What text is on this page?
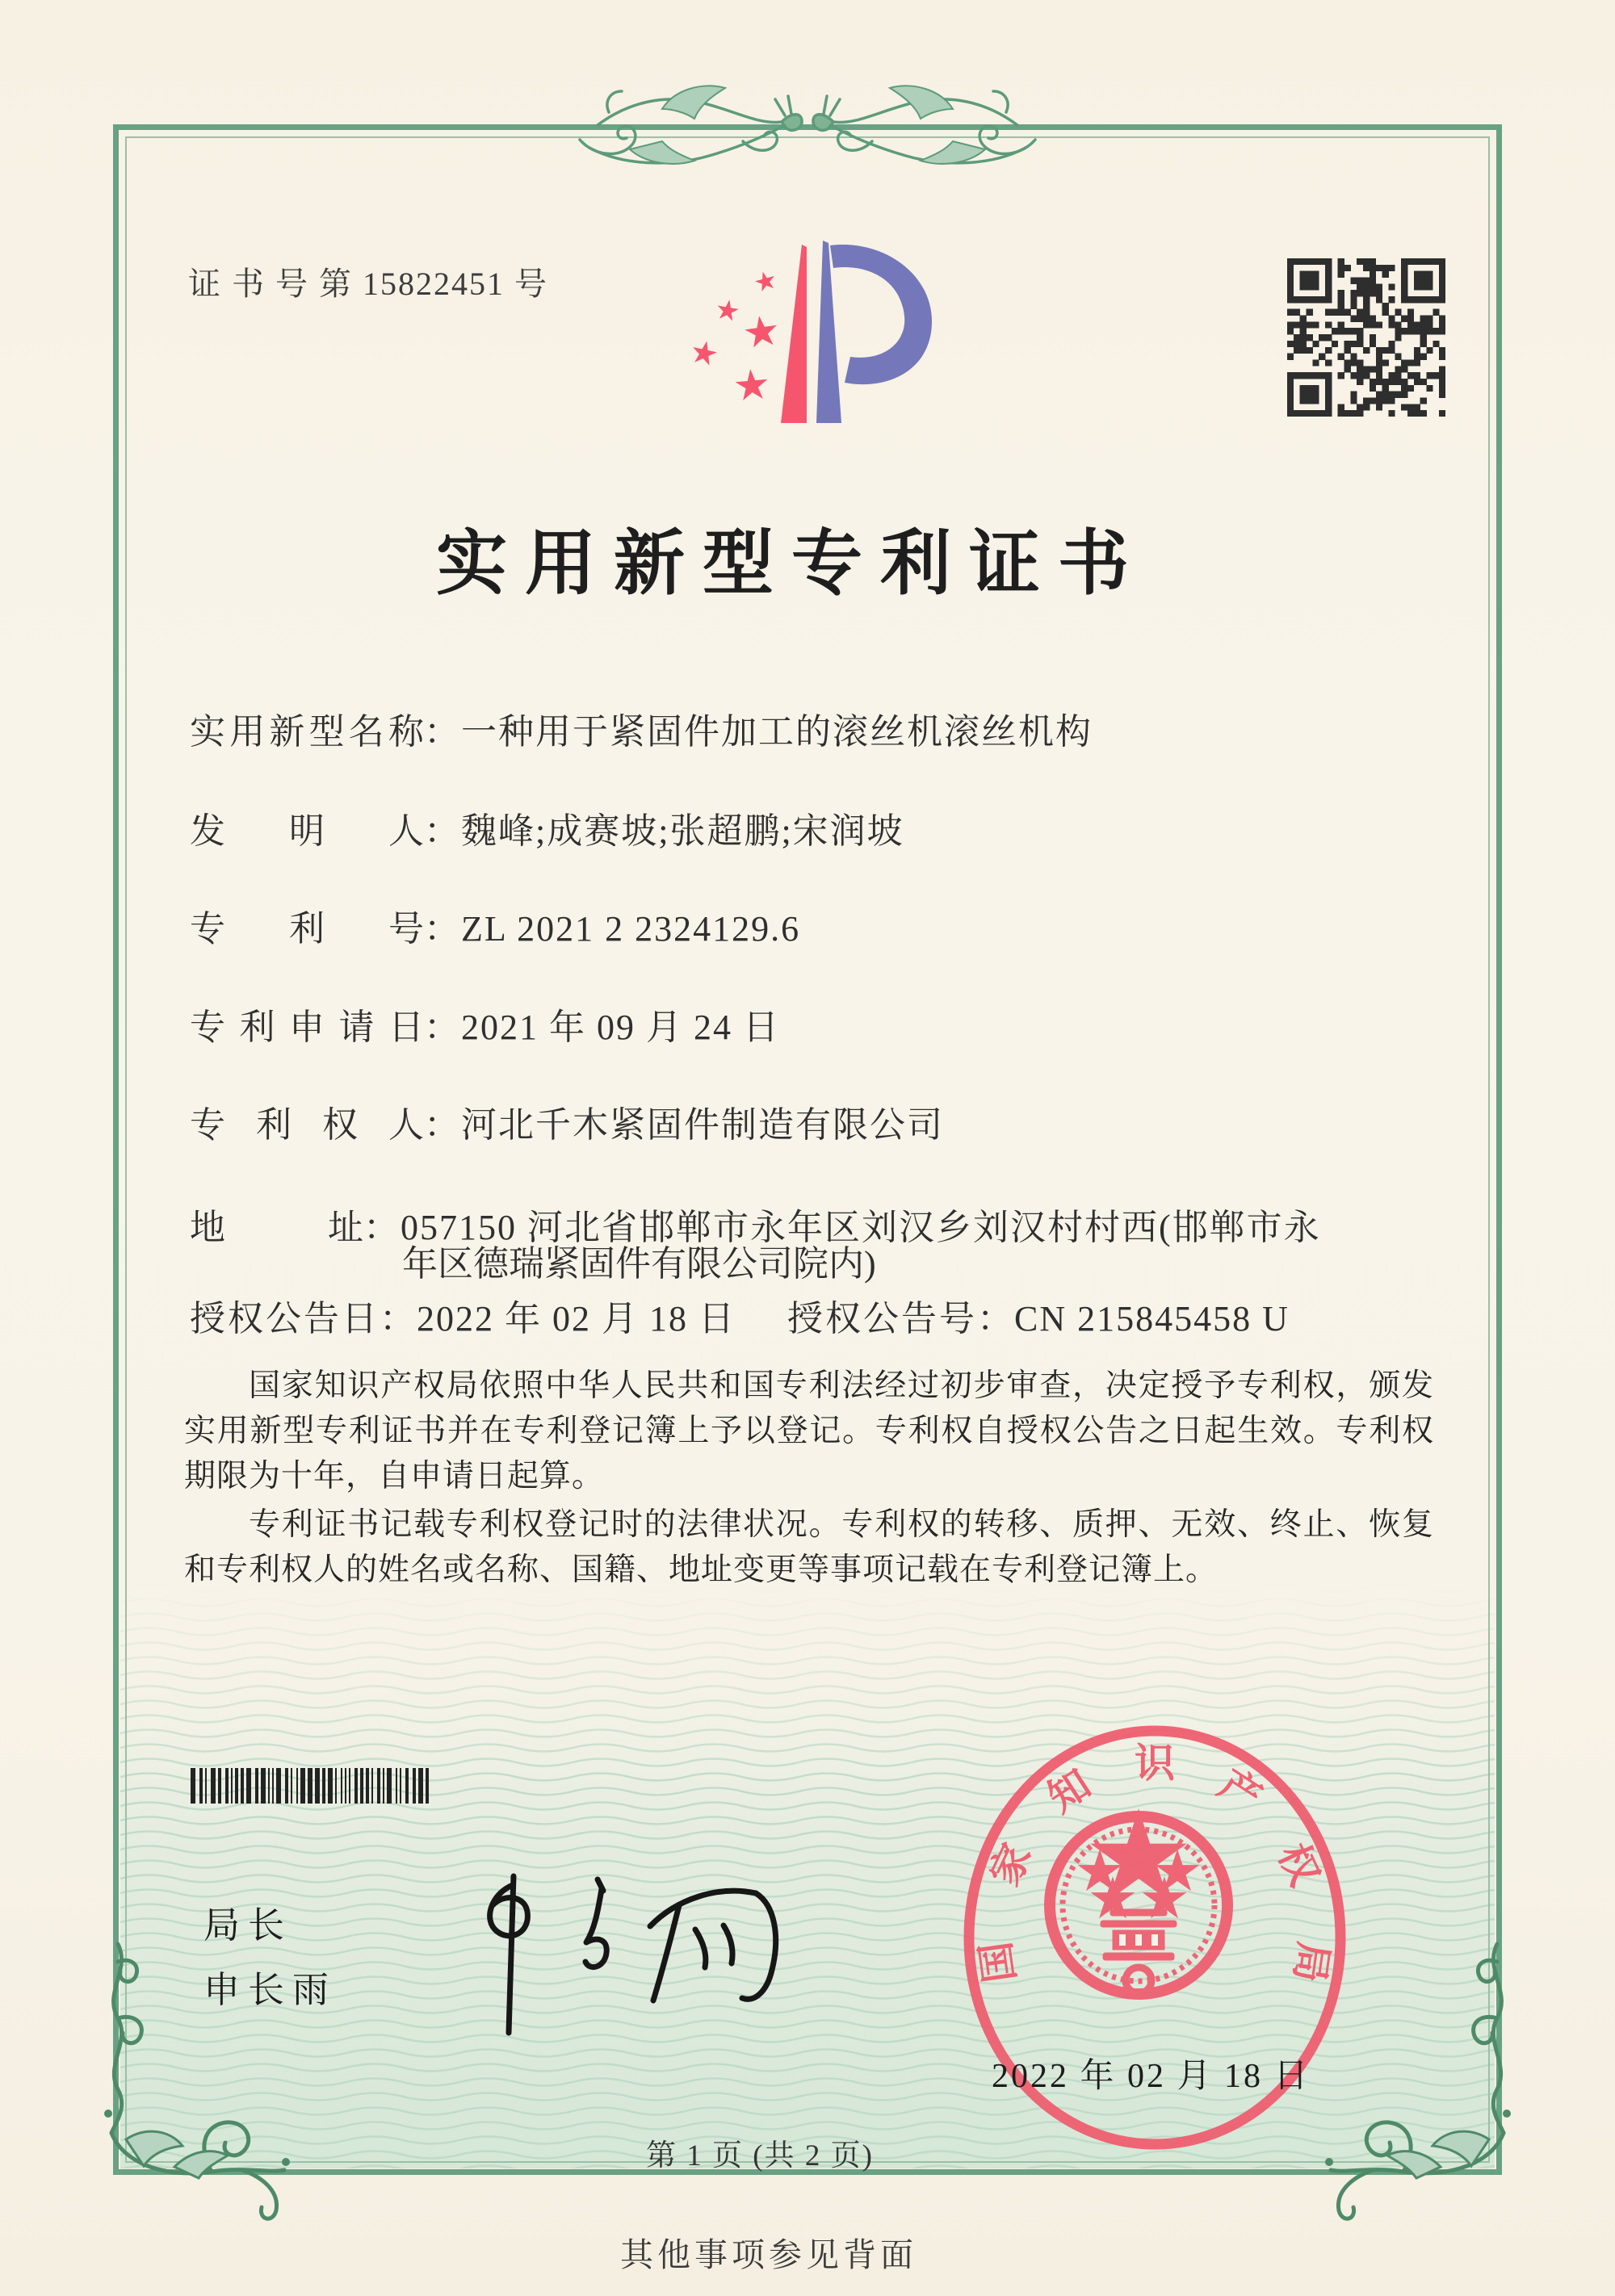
证 书 号 第 15822451 号
实用新型专利证书
实用新型名称：一种用于紧固件加工的滚丝机滚丝机构
发明人：魏峰;成赛坡;张超鹏;宋润坡
专利号：ZL 2021 2 2324129.6
专利申请日：2021 年 09 月 24 日
专利权人：河北千木紧固件制造有限公司
地址：057150 河北省邯郸市永年区刘汉乡刘汉村村西(邯郸市永
年区德瑞紧固件有限公司院内)
授权公告日：2022 年 02 月 18 日 授权公告号：CN 215845458 U
国家知识产权局依照中华人民共和国专利法经过初步审查，决定授予专利权，颁发实用新型专利证书并在专利登记簿上予以登记。专利权自授权公告之日起生效。专利权期限为十年，自申请日起算。
专利证书记载专利权登记时的法律状况。专利权的转移、质押、无效、终止、恢复和专利权人的姓名或名称、国籍、地址变更等事项记载在专利登记簿上。
局长
申长雨
国
家
知 识 产
权
局
2022 年 02 月 18 日
第 1 页 (共 2 页)
其他事项参见背面
